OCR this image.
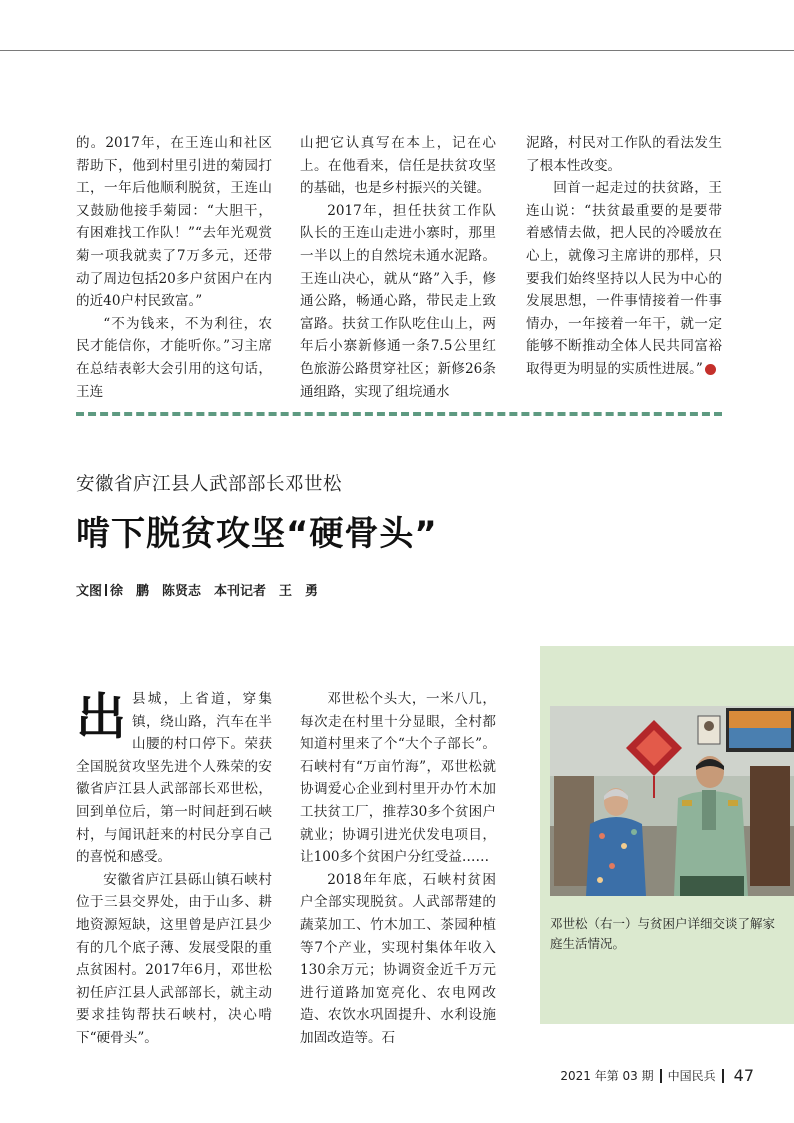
的。2017年，在王连山和社区帮助下，他到村里引进的菊园打工，一年后他顺利脱贫，王连山又鼓励他接手菊园：“大胆干，有困难找工作队！”“去年光观赏菊一项我就卖了7万多元，还带动了周边包括20多户贫困户在内的近40户村民致富。”

“不为钱来，不为利往，农民才能信你，才能听你。”习主席在总结表彰大会引用的这句话，王连

山把它认真写在本上，记在心上。在他看来，信任是扶贫攻坚的基础，也是乡村振兴的关键。

2017年，担任扶贫工作队队长的王连山走进小寨时，那里一半以上的自然垸未通水泥路。王连山决心，就从“路”入手，修通公路，畅通心路，带民走上致富路。扶贫工作队吃住山上，两年后小寨新修通一条7.5公里红色旅游公路贯穿社区；新修26条通组路，实现了组垸通水

泥路，村民对工作队的看法发生了根本性改变。

回首一起走过的扶贫路，王连山说：“扶贫最重要的是要带着感情去做，把人民的冷暖放在心上，就像习主席讲的那样，只要我们始终坚持以人民为中心的发展思想，一件事情接着一件事情办，一年接着一年干，就一定能够不断推动全体人民共同富裕取得更为明显的实质性进展。”	民

安徽省庐江县人武部部长邓世松
啃下脱贫攻坚“硬骨头”
文图 徐　鹏　陈贤志　本刊记者　王　勇

出县城，上省道，穿集镇，绕山路，汽车在半山腰的村口停下。荣获全国脱贫攻坚先进个人殊荣的安徽省庐江县人武部部长邓世松，回到单位后，第一时间赶到石峡村，与闻讯赶来的村民分享自己的喜悦和感受。

安徽省庐江县砾山镇石峡村位于三县交界处，由于山多、耕地资源短缺，这里曾是庐江县少有的几个底子薄、发展受限的重点贫困村。2017年6月，邓世松初任庐江县人武部部长，就主动要求挂钩帮扶石峡村，决心啃下“硬骨头”。

邓世松个头大，一米八几，每次走在村里十分显眼，全村都知道村里来了个“大个子部长”。石峡村有“万亩竹海”，邓世松就协调爱心企业到村里开办竹木加工扶贫工厂，推荐30多个贫困户就业；协调引进光伏发电项目，让100多个贫困户分红受益……

2018年年底，石峡村贫困户全部实现脱贫。人武部帮建的蔬菜加工、竹木加工、茶园种植等7个产业，实现村集体年收入130余万元；协调资金近千万元进行道路加宽亮化、农电网改造、农饮水巩固提升、水利设施加固改造等。石

邓世松（右一）与贫困户详细交谈了解家庭生活情况。
2021 年第 03 期 中国民兵 47
